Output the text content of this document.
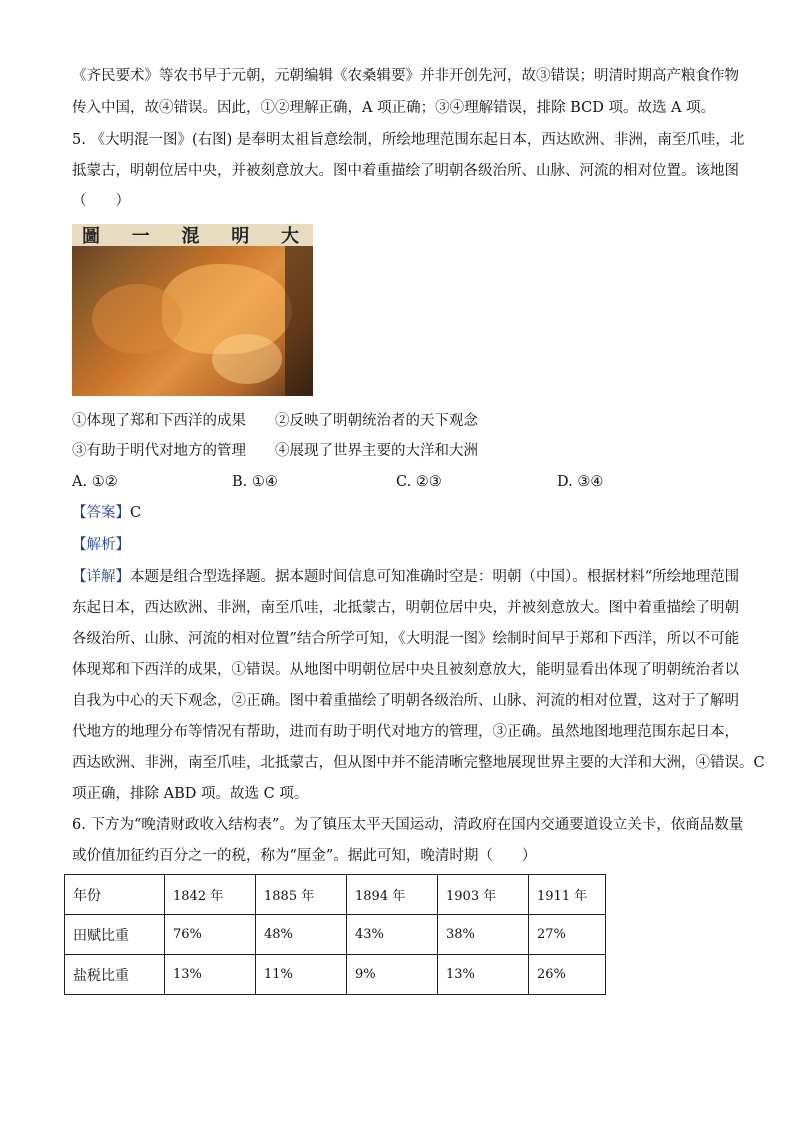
《齐民要术》等农书早于元朝，元朝编辑《农桑辑要》并非开创先河，故③错误；明清时期高产粮食作物
传入中国，故④错误。因此，①②理解正确，A 项正确；③④理解错误，排除 BCD 项。故选 A 项。
5. 《大明混一图》(右图) 是奉明太祖旨意绘制，所绘地理范围东起日本，西达欧洲、非洲，南至爪哇，北
抵蒙古，明朝位居中央，并被刻意放大。图中着重描绘了明朝各级治所、山脉、河流的相对位置。该地图
（　　）
圖 一 混 明 大
①体现了郑和下西洋的成果　　②反映了明朝统治者的天下观念
③有助于明代对地方的管理　　④展现了世界主要的大洋和大洲
A. ①②	B. ①④	C. ②③	D. ③④
【答案】C
【解析】
【详解】本题是组合型选择题。据本题时间信息可知准确时空是：明朝（中国）。根据材料“所绘地理范围
东起日本，西达欧洲、非洲，南至爪哇，北抵蒙古，明朝位居中央，并被刻意放大。图中着重描绘了明朝
各级治所、山脉、河流的相对位置”结合所学可知，《大明混一图》绘制时间早于郑和下西洋，所以不可能
体现郑和下西洋的成果，①错误。从地图中明朝位居中央且被刻意放大，能明显看出体现了明朝统治者以
自我为中心的天下观念，②正确。图中着重描绘了明朝各级治所、山脉、河流的相对位置，这对于了解明
代地方的地理分布等情况有帮助，进而有助于明代对地方的管理，③正确。虽然地图地理范围东起日本，
西达欧洲、非洲，南至爪哇，北抵蒙古，但从图中并不能清晰完整地展现世界主要的大洋和大洲，④错误。C
项正确，排除 ABD 项。故选 C 项。
6. 下方为“晚清财政收入结构表”。为了镇压太平天国运动，清政府在国内交通要道设立关卡，依商品数量
或价值加征约百分之一的税，称为“厘金”。据此可知，晚清时期（　　）
年份	1842 年	1885 年	1894 年	1903 年	1911 年
田赋比重	76%	48%	43%	38%	27%
盐税比重	13%	11%	9%	13%	26%
